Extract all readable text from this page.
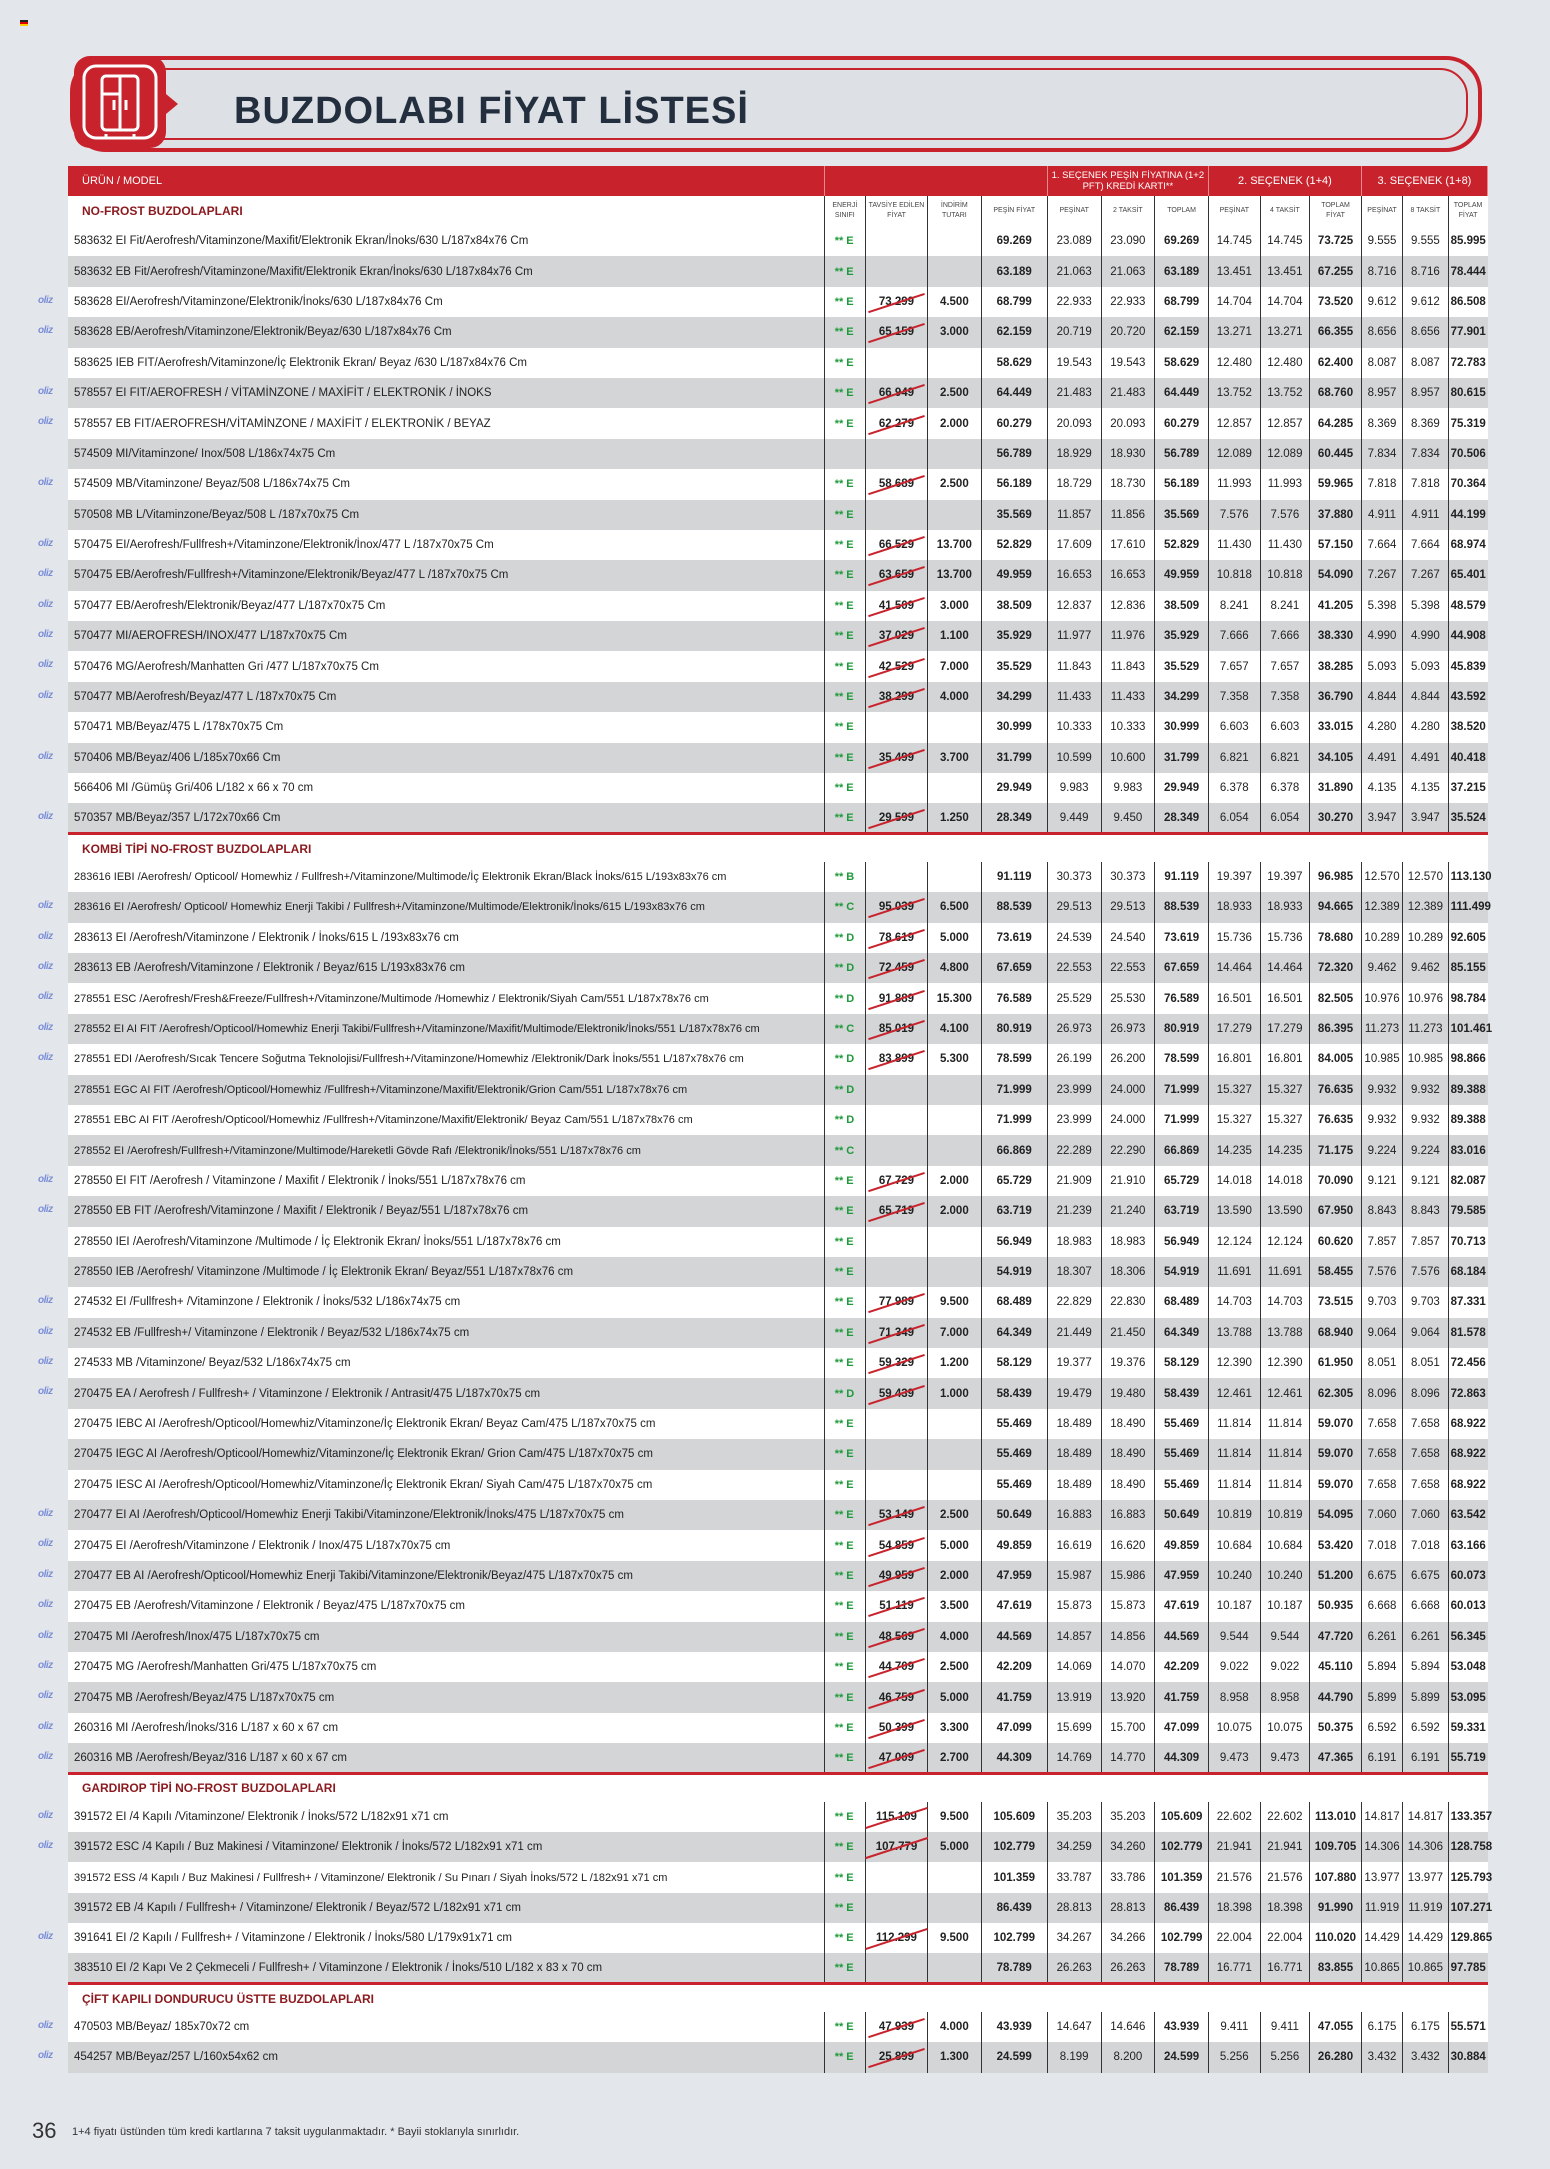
BUZDOLABI FİYAT LİSTESİ
ÜRÜN / MODEL					1. SEÇENEK PEŞİN FİYATINA (1+2 PFT) KREDİ KARTI**			2. SEÇENEK (1+4)			3. SEÇENEK (1+8)		
NO-FROST BUZDOLAPLARI	ENERJİ SINIFI	TAVSİYE EDİLEN FİYAT	İNDİRİM TUTARI	PEŞİN FİYAT	PEŞİNAT	2 TAKSİT	TOPLAM	PEŞİNAT	4 TAKSİT	TOPLAM FİYAT	PEŞİNAT	8 TAKSİT	TOPLAM FİYAT
583632 EI Fit/Aerofresh/Vitaminzone/Maxifit/Elektronik Ekran/İnoks/630 L/187x84x76 Cm	** E			69.269	23.089	23.090	69.269	14.745	14.745	73.725	9.555	9.555	85.995
583632 EB Fit/Aerofresh/Vitaminzone/Maxifit/Elektronik Ekran/İnoks/630 L/187x84x76 Cm	** E			63.189	21.063	21.063	63.189	13.451	13.451	67.255	8.716	8.716	78.444

oliz 583628 EI/Aerofresh/Vitaminzone/Elektronik/İnoks/630 L/187x84x76 Cm	** E	73.299	4.500	68.799	22.933	22.933	68.799	14.704	14.704	73.520	9.612	9.612	86.508

oliz 583628 EB/Aerofresh/Vitaminzone/Elektronik/Beyaz/630 L/187x84x76 Cm	** E	65.159	3.000	62.159	20.719	20.720	62.159	13.271	13.271	66.355	8.656	8.656	77.901
583625 IEB FIT/Aerofresh/Vitaminzone/İç Elektronik Ekran/ Beyaz /630 L/187x84x76 Cm	** E			58.629	19.543	19.543	58.629	12.480	12.480	62.400	8.087	8.087	72.783

oliz 578557 EI FIT/AEROFRESH / VİTAMİNZONE / MAXİFİT / ELEKTRONİK / İNOKS	** E	66.949	2.500	64.449	21.483	21.483	64.449	13.752	13.752	68.760	8.957	8.957	80.615

oliz 578557 EB FIT/AEROFRESH/VİTAMİNZONE / MAXİFİT / ELEKTRONİK / BEYAZ	** E	62.279	2.000	60.279	20.093	20.093	60.279	12.857	12.857	64.285	8.369	8.369	75.319
574509 MI/Vitaminzone/ Inox/508 L/186x74x75 Cm				56.789	18.929	18.930	56.789	12.089	12.089	60.445	7.834	7.834	70.506

oliz 574509 MB/Vitaminzone/ Beyaz/508 L/186x74x75 Cm	** E	58.689	2.500	56.189	18.729	18.730	56.189	11.993	11.993	59.965	7.818	7.818	70.364
570508 MB L/Vitaminzone/Beyaz/508 L /187x70x75 Cm	** E			35.569	11.857	11.856	35.569	7.576	7.576	37.880	4.911	4.911	44.199

oliz 570475 EI/Aerofresh/Fullfresh+/Vitaminzone/Elektronik/İnox/477 L /187x70x75 Cm	** E	66.529	13.700	52.829	17.609	17.610	52.829	11.430	11.430	57.150	7.664	7.664	68.974

oliz 570475 EB/Aerofresh/Fullfresh+/Vitaminzone/Elektronik/Beyaz/477 L /187x70x75 Cm	** E	63.659	13.700	49.959	16.653	16.653	49.959	10.818	10.818	54.090	7.267	7.267	65.401

oliz 570477 EB/Aerofresh/Elektronik/Beyaz/477 L/187x70x75 Cm	** E	41.509	3.000	38.509	12.837	12.836	38.509	8.241	8.241	41.205	5.398	5.398	48.579

oliz 570477 MI/AEROFRESH/INOX/477 L/187x70x75 Cm	** E	37.029	1.100	35.929	11.977	11.976	35.929	7.666	7.666	38.330	4.990	4.990	44.908

oliz 570476 MG/Aerofresh/Manhatten Gri /477 L/187x70x75 Cm	** E	42.529	7.000	35.529	11.843	11.843	35.529	7.657	7.657	38.285	5.093	5.093	45.839

oliz 570477 MB/Aerofresh/Beyaz/477 L /187x70x75 Cm	** E	38.299	4.000	34.299	11.433	11.433	34.299	7.358	7.358	36.790	4.844	4.844	43.592
570471 MB/Beyaz/475 L /178x70x75 Cm	** E			30.999	10.333	10.333	30.999	6.603	6.603	33.015	4.280	4.280	38.520

oliz 570406 MB/Beyaz/406 L/185x70x66 Cm	** E	35.499	3.700	31.799	10.599	10.600	31.799	6.821	6.821	34.105	4.491	4.491	40.418
566406 MI /Gümüş Gri/406 L/182 x 66 x 70 cm	** E			29.949	9.983	9.983	29.949	6.378	6.378	31.890	4.135	4.135	37.215

oliz 570357 MB/Beyaz/357 L/172x70x66 Cm	** E	29.599	1.250	28.349	9.449	9.450	28.349	6.054	6.054	30.270	3.947	3.947	35.524
KOMBİ TİPİ NO-FROST BUZDOLAPLARI													
283616 IEBI /Aerofresh/ Opticool/ Homewhiz / Fullfresh+/Vitaminzone/Multimode/İç Elektronik Ekran/Black İnoks/615 L/193x83x76 cm	** B			91.119	30.373	30.373	91.119	19.397	19.397	96.985	12.570	12.570	113.130

oliz 283616 EI /Aerofresh/ Opticool/ Homewhiz Enerji Takibi / Fullfresh+/Vitaminzone/Multimode/Elektronik/İnoks/615 L/193x83x76 cm	** C	95.039	6.500	88.539	29.513	29.513	88.539	18.933	18.933	94.665	12.389	12.389	111.499

oliz 283613 EI /Aerofresh/Vitaminzone / Elektronik / İnoks/615 L /193x83x76 cm	** D	78.619	5.000	73.619	24.539	24.540	73.619	15.736	15.736	78.680	10.289	10.289	92.605

oliz 283613 EB /Aerofresh/Vitaminzone / Elektronik / Beyaz/615 L/193x83x76 cm	** D	72.459	4.800	67.659	22.553	22.553	67.659	14.464	14.464	72.320	9.462	9.462	85.155

oliz 278551 ESC /Aerofresh/Fresh&Freeze/Fullfresh+/Vitaminzone/Multimode /Homewhiz / Elektronik/Siyah Cam/551 L/187x78x76 cm	** D	91.889	15.300	76.589	25.529	25.530	76.589	16.501	16.501	82.505	10.976	10.976	98.784

oliz 278552 EI AI FIT /Aerofresh/Opticool/Homewhiz Enerji Takibi/Fullfresh+/Vitaminzone/Maxifit/Multimode/Elektronik/İnoks/551 L/187x78x76 cm	** C	85.019	4.100	80.919	26.973	26.973	80.919	17.279	17.279	86.395	11.273	11.273	101.461

oliz 278551 EDI /Aerofresh/Sıcak Tencere Soğutma Teknolojisi/Fullfresh+/Vitaminzone/Homewhiz /Elektronik/Dark İnoks/551 L/187x78x76 cm	** D	83.899	5.300	78.599	26.199	26.200	78.599	16.801	16.801	84.005	10.985	10.985	98.866
278551 EGC AI FIT /Aerofresh/Opticool/Homewhiz /Fullfresh+/Vitaminzone/Maxifit/Elektronik/Grion Cam/551 L/187x78x76 cm	** D			71.999	23.999	24.000	71.999	15.327	15.327	76.635	9.932	9.932	89.388
278551 EBC AI FIT /Aerofresh/Opticool/Homewhiz /Fullfresh+/Vitaminzone/Maxifit/Elektronik/ Beyaz Cam/551 L/187x78x76 cm	** D			71.999	23.999	24.000	71.999	15.327	15.327	76.635	9.932	9.932	89.388
278552 EI /Aerofresh/Fullfresh+/Vitaminzone/Multimode/Hareketli Gövde Rafı /Elektronik/İnoks/551 L/187x78x76 cm	** C			66.869	22.289	22.290	66.869	14.235	14.235	71.175	9.224	9.224	83.016

oliz 278550 EI FIT /Aerofresh / Vitaminzone / Maxifit / Elektronik / İnoks/551 L/187x78x76 cm	** E	67.729	2.000	65.729	21.909	21.910	65.729	14.018	14.018	70.090	9.121	9.121	82.087

oliz 278550 EB FIT /Aerofresh/Vitaminzone / Maxifit / Elektronik / Beyaz/551 L/187x78x76 cm	** E	65.719	2.000	63.719	21.239	21.240	63.719	13.590	13.590	67.950	8.843	8.843	79.585
278550 IEI /Aerofresh/Vitaminzone /Multimode / İç Elektronik Ekran/ İnoks/551 L/187x78x76 cm	** E			56.949	18.983	18.983	56.949	12.124	12.124	60.620	7.857	7.857	70.713
278550 IEB /Aerofresh/ Vitaminzone /Multimode / İç Elektronik Ekran/ Beyaz/551 L/187x78x76 cm	** E			54.919	18.307	18.306	54.919	11.691	11.691	58.455	7.576	7.576	68.184

oliz 274532 EI /Fullfresh+ /Vitaminzone / Elektronik / İnoks/532 L/186x74x75 cm	** E	77.989	9.500	68.489	22.829	22.830	68.489	14.703	14.703	73.515	9.703	9.703	87.331

oliz 274532 EB /Fullfresh+/ Vitaminzone / Elektronik / Beyaz/532 L/186x74x75 cm	** E	71.349	7.000	64.349	21.449	21.450	64.349	13.788	13.788	68.940	9.064	9.064	81.578

oliz 274533 MB /Vitaminzone/ Beyaz/532 L/186x74x75 cm	** E	59.329	1.200	58.129	19.377	19.376	58.129	12.390	12.390	61.950	8.051	8.051	72.456

oliz 270475 EA / Aerofresh / Fullfresh+ / Vitaminzone / Elektronik / Antrasit/475 L/187x70x75 cm	** D	59.439	1.000	58.439	19.479	19.480	58.439	12.461	12.461	62.305	8.096	8.096	72.863
270475 IEBC AI /Aerofresh/Opticool/Homewhiz/Vitaminzone/İç Elektronik Ekran/ Beyaz Cam/475 L/187x70x75 cm	** E			55.469	18.489	18.490	55.469	11.814	11.814	59.070	7.658	7.658	68.922
270475 IEGC AI /Aerofresh/Opticool/Homewhiz/Vitaminzone/İç Elektronik Ekran/ Grion Cam/475 L/187x70x75 cm	** E			55.469	18.489	18.490	55.469	11.814	11.814	59.070	7.658	7.658	68.922
270475 IESC AI /Aerofresh/Opticool/Homewhiz/Vitaminzone/İç Elektronik Ekran/ Siyah Cam/475 L/187x70x75 cm	** E			55.469	18.489	18.490	55.469	11.814	11.814	59.070	7.658	7.658	68.922

oliz 270477 EI AI /Aerofresh/Opticool/Homewhiz Enerji Takibi/Vitaminzone/Elektronik/İnoks/475 L/187x70x75 cm	** E	53.149	2.500	50.649	16.883	16.883	50.649	10.819	10.819	54.095	7.060	7.060	63.542

oliz 270475 EI /Aerofresh/Vitaminzone / Elektronik / Inox/475 L/187x70x75 cm	** E	54.859	5.000	49.859	16.619	16.620	49.859	10.684	10.684	53.420	7.018	7.018	63.166

oliz 270477 EB AI /Aerofresh/Opticool/Homewhiz Enerji Takibi/Vitaminzone/Elektronik/Beyaz/475 L/187x70x75 cm	** E	49.959	2.000	47.959	15.987	15.986	47.959	10.240	10.240	51.200	6.675	6.675	60.073

oliz 270475 EB /Aerofresh/Vitaminzone / Elektronik / Beyaz/475 L/187x70x75 cm	** E	51.119	3.500	47.619	15.873	15.873	47.619	10.187	10.187	50.935	6.668	6.668	60.013

oliz 270475 MI /Aerofresh/Inox/475 L/187x70x75 cm	** E	48.569	4.000	44.569	14.857	14.856	44.569	9.544	9.544	47.720	6.261	6.261	56.345

oliz 270475 MG /Aerofresh/Manhatten Gri/475 L/187x70x75 cm	** E	44.709	2.500	42.209	14.069	14.070	42.209	9.022	9.022	45.110	5.894	5.894	53.048

oliz 270475 MB /Aerofresh/Beyaz/475 L/187x70x75 cm	** E	46.759	5.000	41.759	13.919	13.920	41.759	8.958	8.958	44.790	5.899	5.899	53.095

oliz 260316 MI /Aerofresh/İnoks/316 L/187 x 60 x 67 cm	** E	50.399	3.300	47.099	15.699	15.700	47.099	10.075	10.075	50.375	6.592	6.592	59.331

oliz 260316 MB /Aerofresh/Beyaz/316 L/187 x 60 x 67 cm	** E	47.009	2.700	44.309	14.769	14.770	44.309	9.473	9.473	47.365	6.191	6.191	55.719
GARDIROP TİPİ NO-FROST BUZDOLAPLARI													

oliz 391572 EI /4 Kapılı /Vitaminzone/ Elektronik / İnoks/572 L/182x91 x71 cm	** E	115.109	9.500	105.609	35.203	35.203	105.609	22.602	22.602	113.010	14.817	14.817	133.357

oliz 391572 ESC /4 Kapılı / Buz Makinesi / Vitaminzone/ Elektronik / İnoks/572 L/182x91 x71 cm	** E	107.779	5.000	102.779	34.259	34.260	102.779	21.941	21.941	109.705	14.306	14.306	128.758
391572 ESS /4 Kapılı / Buz Makinesi / Fullfresh+ / Vitaminzone/ Elektronik / Su Pınarı / Siyah İnoks/572 L /182x91 x71 cm	** E			101.359	33.787	33.786	101.359	21.576	21.576	107.880	13.977	13.977	125.793
391572 EB /4 Kapılı / Fullfresh+ / Vitaminzone/ Elektronik / Beyaz/572 L/182x91 x71 cm	** E			86.439	28.813	28.813	86.439	18.398	18.398	91.990	11.919	11.919	107.271

oliz 391641 EI /2 Kapılı / Fullfresh+ / Vitaminzone / Elektronik / İnoks/580 L/179x91x71 cm	** E	112.299	9.500	102.799	34.267	34.266	102.799	22.004	22.004	110.020	14.429	14.429	129.865
383510 EI /2 Kapı Ve 2 Çekmeceli / Fullfresh+ / Vitaminzone / Elektronik / İnoks/510 L/182 x 83 x 70 cm	** E			78.789	26.263	26.263	78.789	16.771	16.771	83.855	10.865	10.865	97.785
ÇİFT KAPILI DONDURUCU ÜSTTE BUZDOLAPLARI													

oliz 470503 MB/Beyaz/ 185x70x72 cm	** E	47.939	4.000	43.939	14.647	14.646	43.939	9.411	9.411	47.055	6.175	6.175	55.571

oliz 454257 MB/Beyaz/257 L/160x54x62 cm	** E	25.899	1.300	24.599	8.199	8.200	24.599	5.256	5.256	26.280	3.432	3.432	30.884
36 1+4 fiyatı üstünden tüm kredi kartlarına 7 taksit uygulanmaktadır. * Bayii stoklarıyla sınırlıdır.
